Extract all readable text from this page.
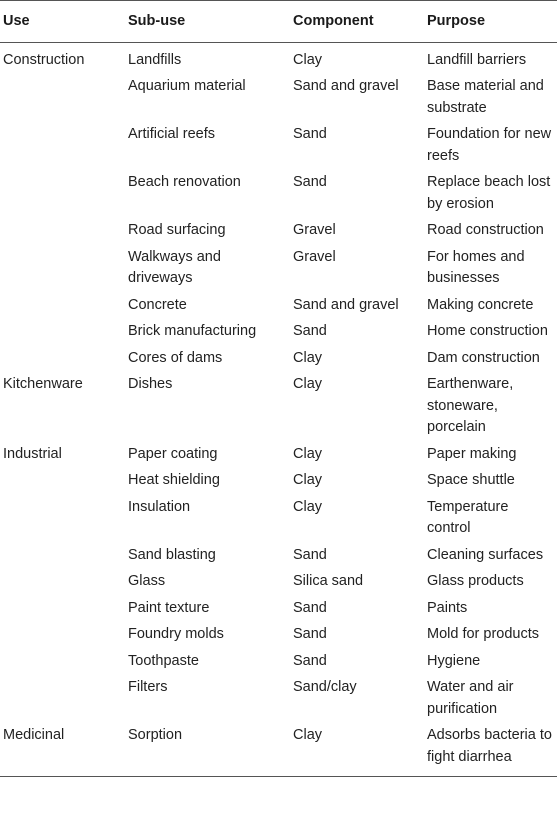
Use	Sub-use	Component	Purpose
Construction	Landfills	Clay	Landfill barriers
	Aquarium material	Sand and gravel	Base material and substrate
	Artificial reefs	Sand	Foundation for new reefs
	Beach renovation	Sand	Replace beach lost by erosion
	Road surfacing	Gravel	Road construction
	Walkways and driveways	Gravel	For homes and businesses
	Concrete	Sand and gravel	Making concrete
	Brick manufacturing	Sand	Home construction
	Cores of dams	Clay	Dam construction
Kitchenware	Dishes	Clay	Earthenware, stoneware, porcelain
Industrial	Paper coating	Clay	Paper making
	Heat shielding	Clay	Space shuttle
	Insulation	Clay	Temperature control
	Sand blasting	Sand	Cleaning surfaces
	Glass	Silica sand	Glass products
	Paint texture	Sand	Paints
	Foundry molds	Sand	Mold for products
	Toothpaste	Sand	Hygiene
	Filters	Sand/clay	Water and air purification
Medicinal	Sorption	Clay	Adsorbs bacteria to fight diarrhea
